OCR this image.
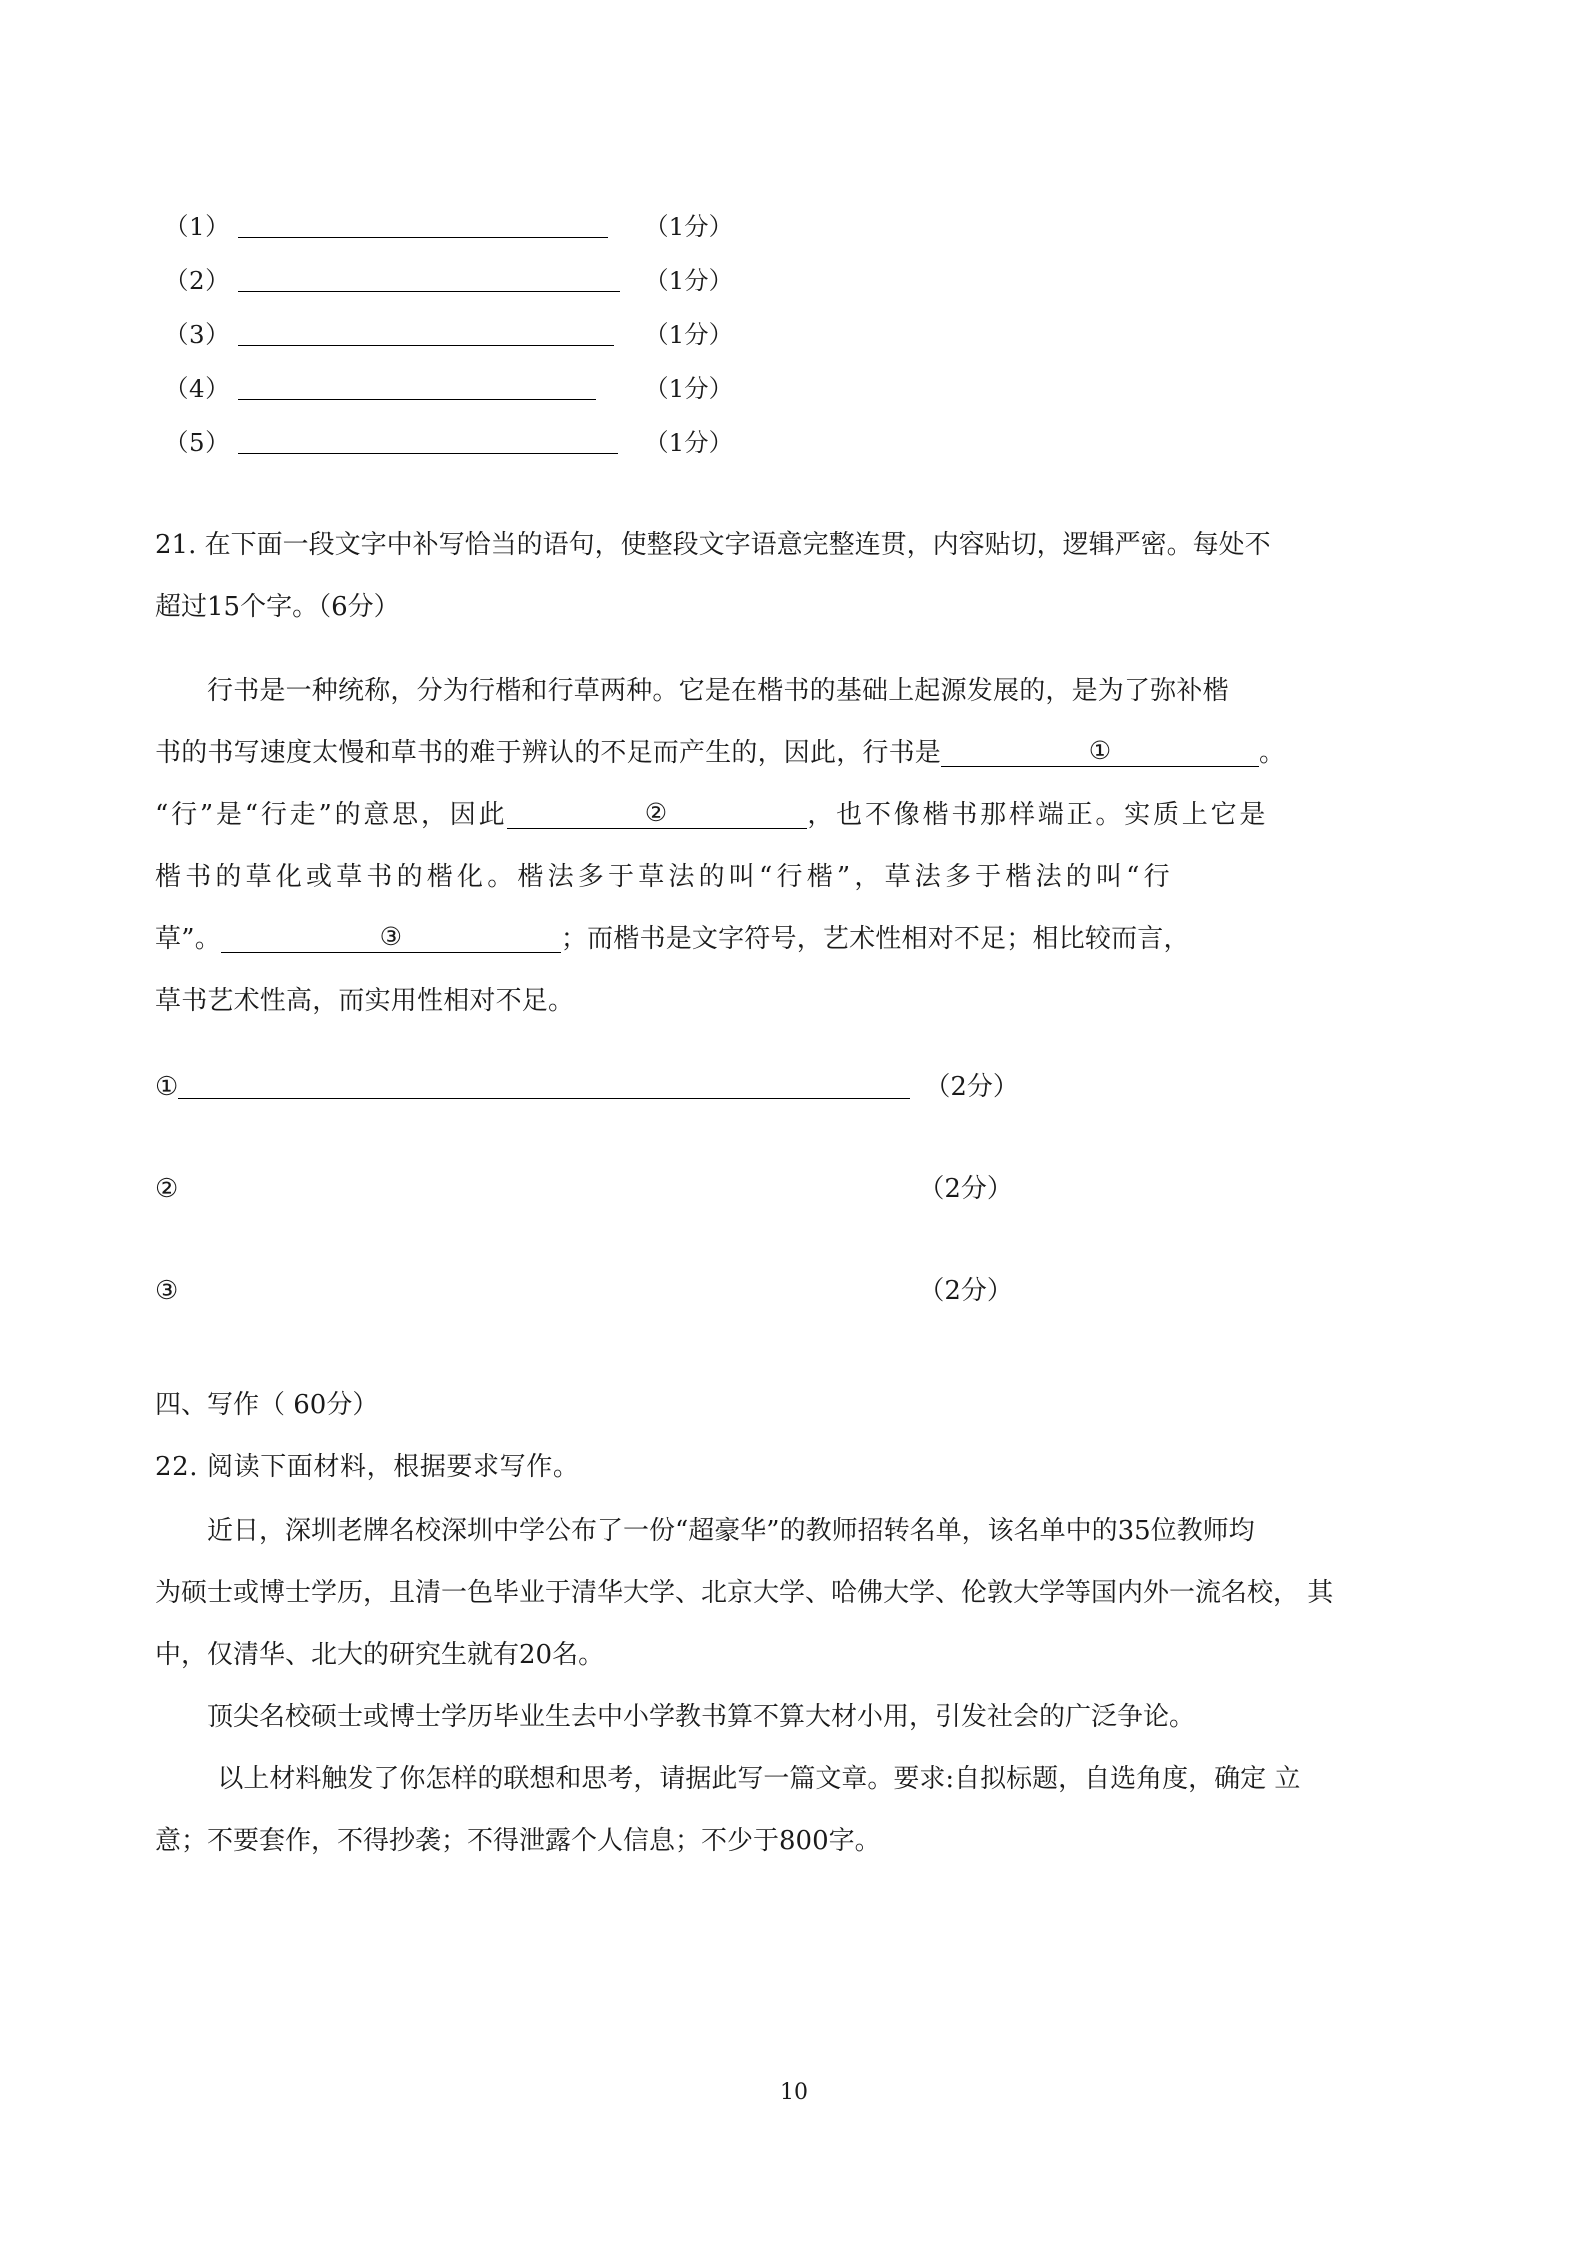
（1）	（1分）
（2）	（1分）
（3）	（1分）
（4）	（1分）
（5）	（1分）
21. 在下面一段文字中补写恰当的语句，使整段文字语意完整连贯，内容贴切，逻辑严密。每处不
超过15个字。（6分）
行书是一种统称，分为行楷和行草两种。它是在楷书的基础上起源发展的，是为了弥补楷
书的书写速度太慢和草书的难于辨认的不足而产生的，因此，行书是	①	。
“行”是“行走”的意思，因此	②	，也不像楷书那样端正。实质上它是
楷书的草化或草书的楷化。楷法多于草法的叫“行楷”，草法多于楷法的叫“行
草”。	③	；而楷书是文字符号，艺术性相对不足；相比较而言，
草书艺术性高，而实用性相对不足。
①	（2分）
②	（2分）
③	（2分）
四、写作（ 60分）
22. 阅读下面材料，根据要求写作。
近日，深圳老牌名校深圳中学公布了一份“超豪华”的教师招转名单，该名单中的35位教师均
为硕士或博士学历，且清一色毕业于清华大学、北京大学、哈佛大学、伦敦大学等国内外一流名校， 其
中，仅清华、北大的研究生就有20名。
顶尖名校硕士或博士学历毕业生去中小学教书算不算大材小用，引发社会的广泛争论。
以上材料触发了你怎样的联想和思考，请据此写一篇文章。要求:自拟标题，自选角度，确定 立
意；不要套作，不得抄袭；不得泄露个人信息；不少于800字。
10
